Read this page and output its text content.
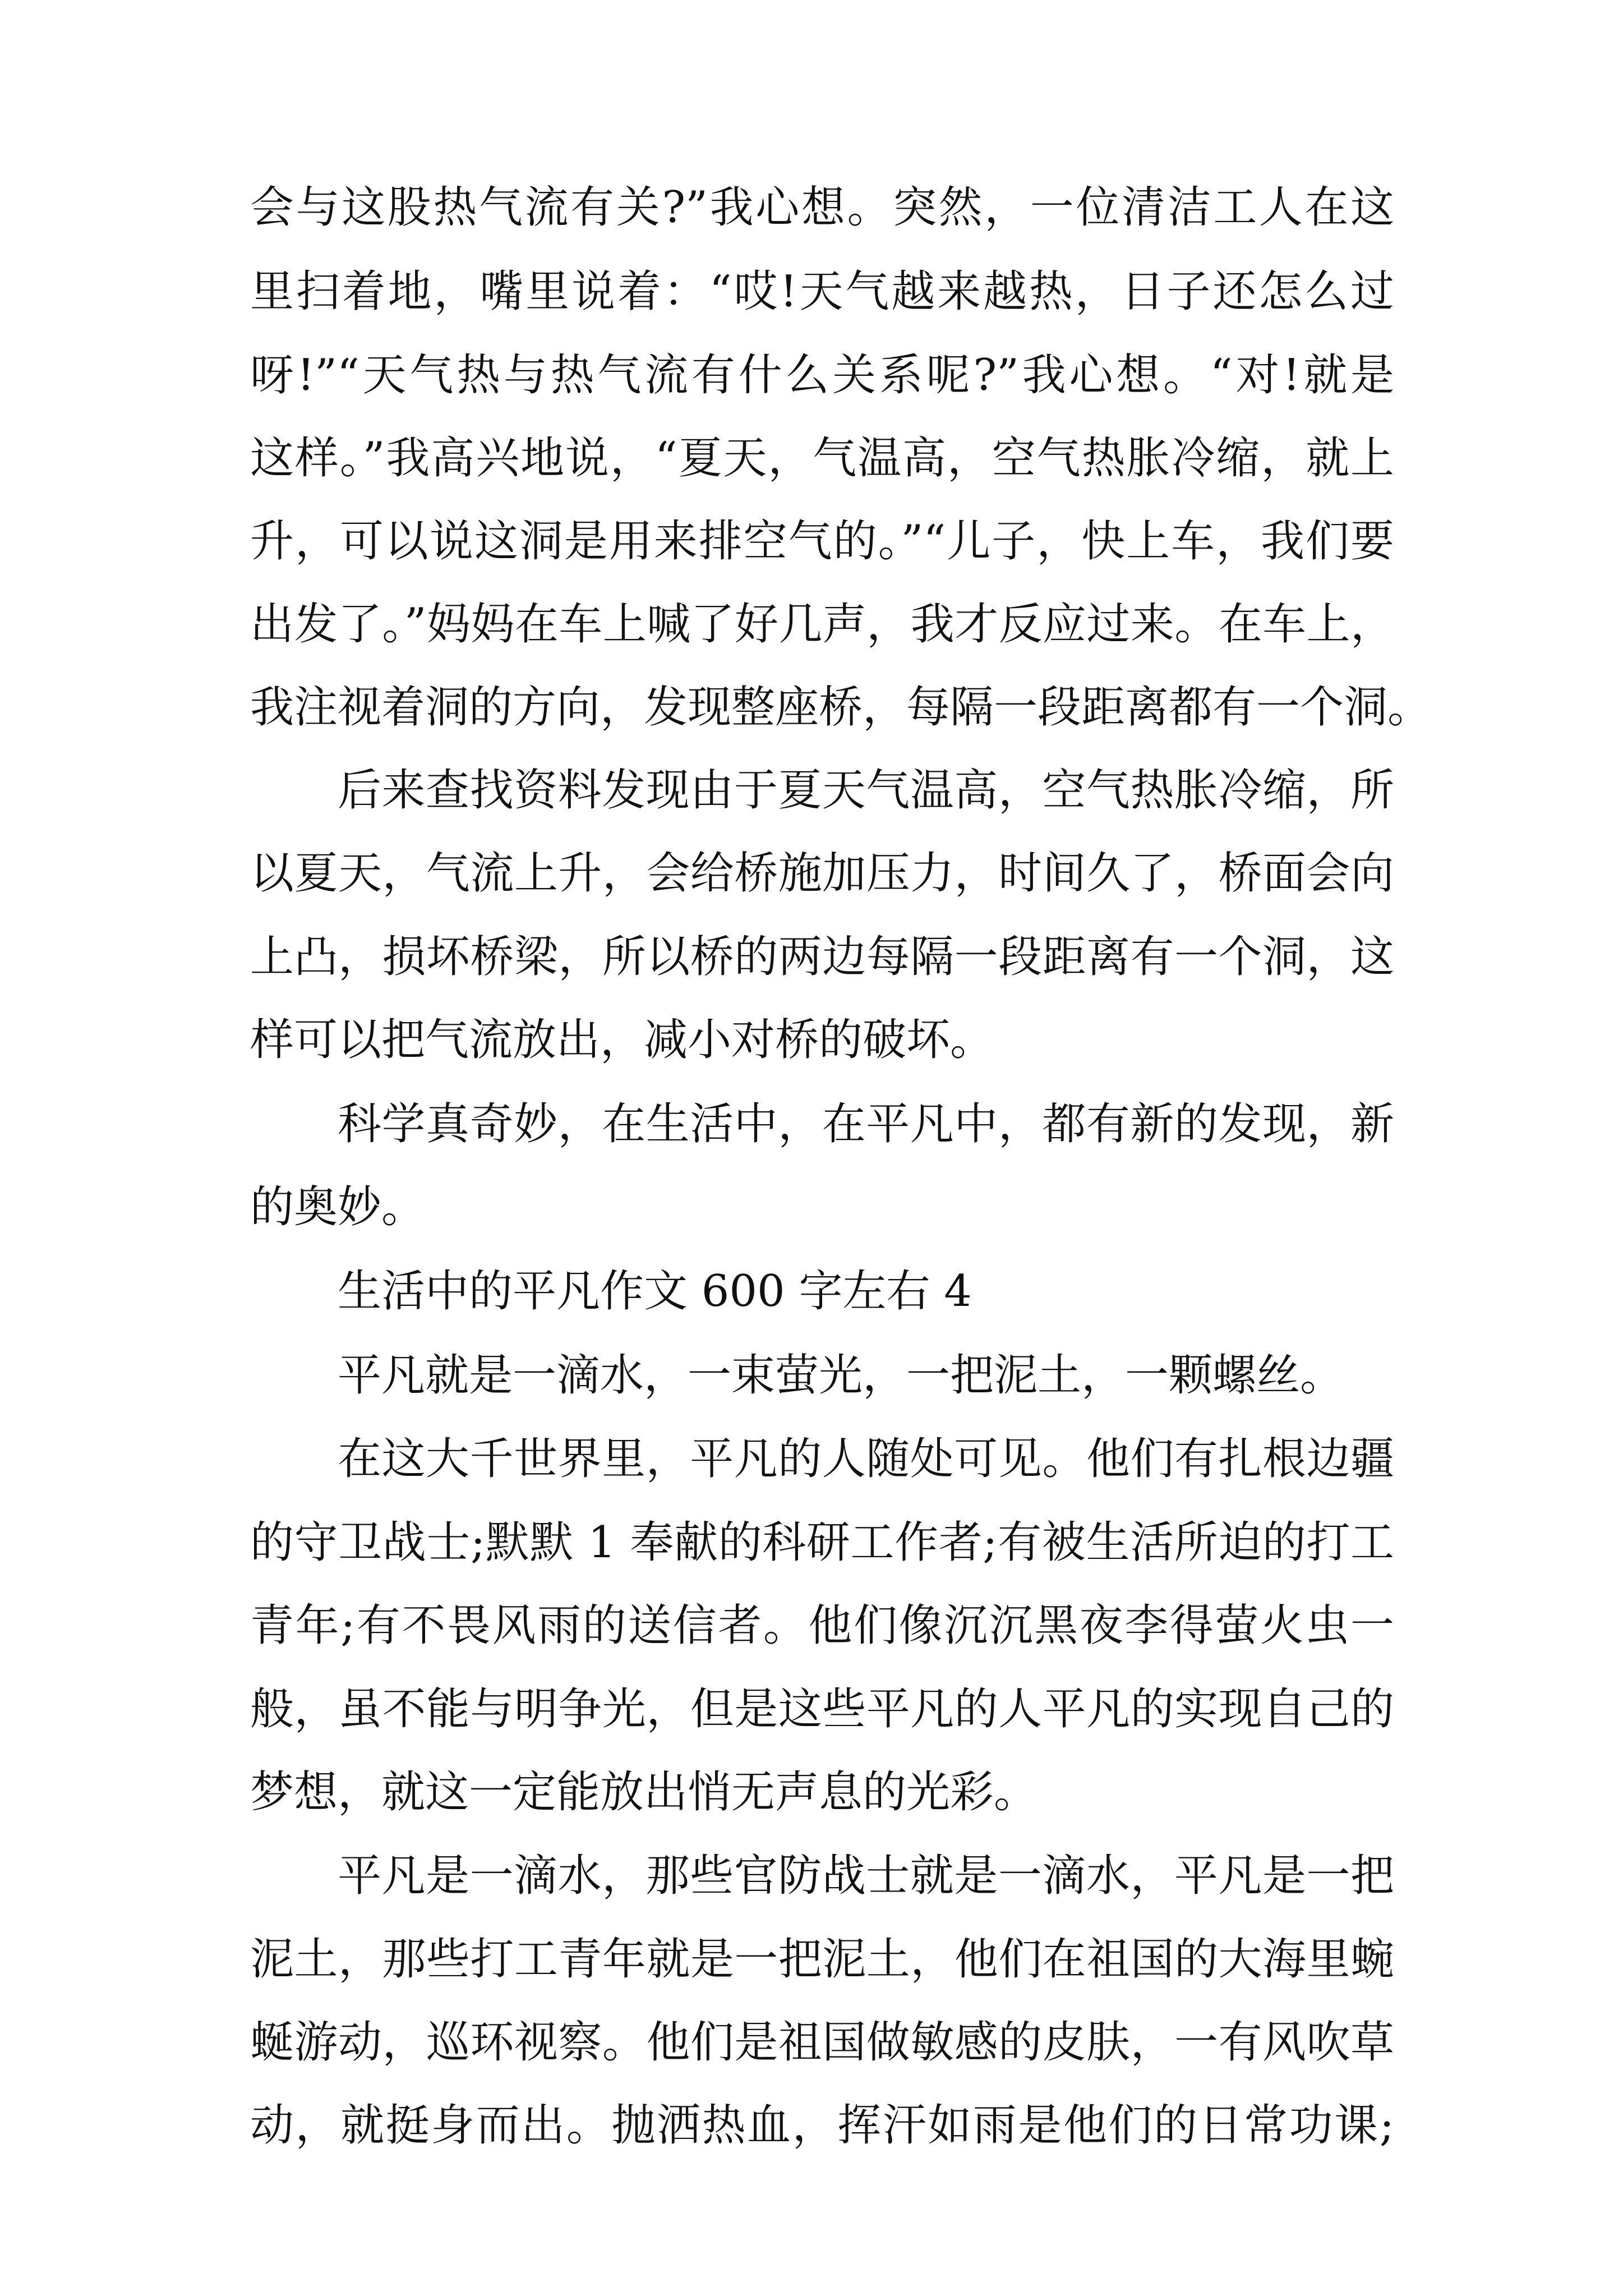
会与这股热气流有关?”我心想。突然，一位清洁工人在这
里扫着地，嘴里说着：“哎!天气越来越热，日子还怎么过
呀!”“天气热与热气流有什么关系呢?”我心想。“对!就是
这样。”我高兴地说，“夏天，气温高，空气热胀冷缩，就上
升，可以说这洞是用来排空气的。”“儿子，快上车，我们要
出发了。”妈妈在车上喊了好几声，我才反应过来。在车上，
我注视着洞的方向，发现整座桥，每隔一段距离都有一个洞。
后来查找资料发现由于夏天气温高，空气热胀冷缩，所
以夏天，气流上升，会给桥施加压力，时间久了，桥面会向
上凸，损坏桥梁，所以桥的两边每隔一段距离有一个洞，这
样可以把气流放出，减小对桥的破坏。
科学真奇妙，在生活中，在平凡中，都有新的发现，新
的奥妙。
生活中的平凡作文 600 字左右 4
平凡就是一滴水，一束萤光，一把泥土，一颗螺丝。
在这大千世界里，平凡的人随处可见。他们有扎根边疆
的守卫战士;默默 1 奉献的科研工作者;有被生活所迫的打工
青年;有不畏风雨的送信者。他们像沉沉黑夜李得萤火虫一
般，虽不能与明争光，但是这些平凡的人平凡的实现自己的
梦想，就这一定能放出悄无声息的光彩。
平凡是一滴水，那些官防战士就是一滴水，平凡是一把
泥土，那些打工青年就是一把泥土，他们在祖国的大海里蜿
蜒游动，巡环视察。他们是祖国做敏感的皮肤，一有风吹草
动，就挺身而出。抛洒热血，挥汗如雨是他们的日常功课;
